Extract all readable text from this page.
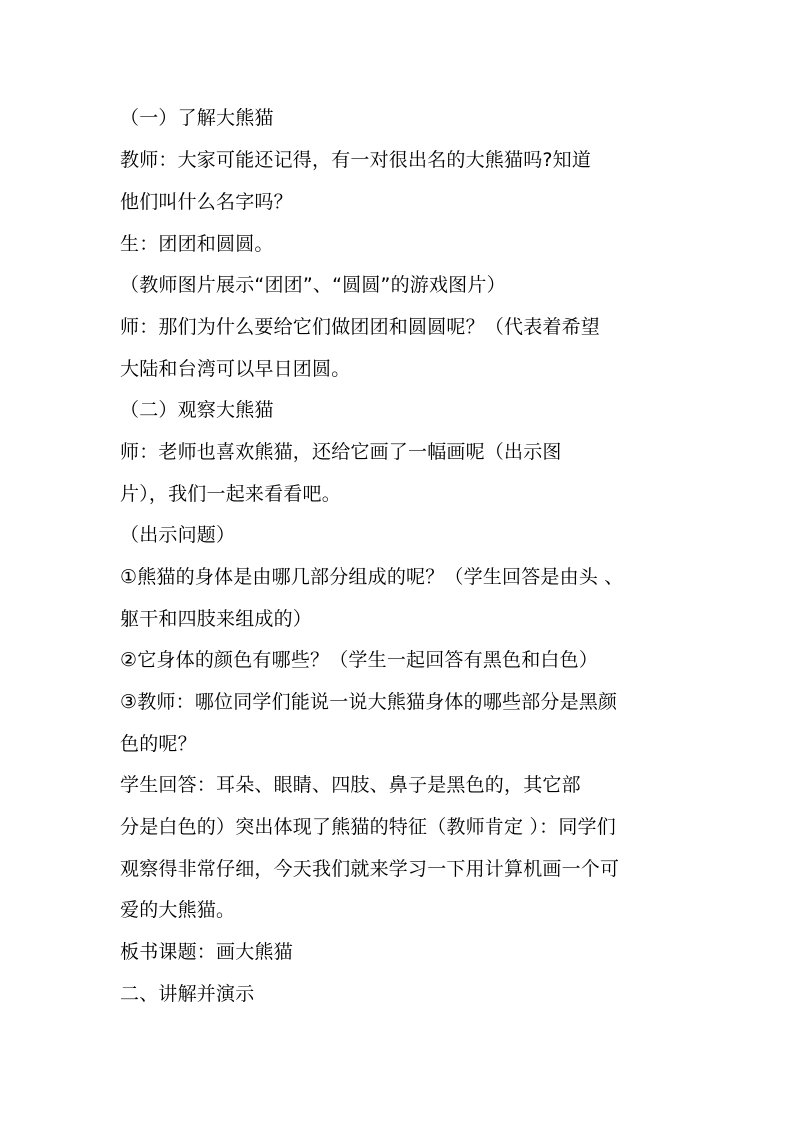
（一）了解大熊猫
教师：大家可能还记得，有一对很出名的大熊猫吗?知道
他们叫什么名字吗？
生：团团和圆圆。
（教师图片展示“团团”、“圆圆”的游戏图片）
师：那们为什么要给它们做团团和圆圆呢？（代表着希望
大陆和台湾可以早日团圆。
（二）观察大熊猫
师：老师也喜欢熊猫，还给它画了一幅画呢（出示图
片），我们一起来看看吧。
（出示问题）
①熊猫的身体是由哪几部分组成的呢？（学生回答是由头 、
躯干和四肢来组成的）
②它身体的颜色有哪些？（学生一起回答有黑色和白色）
③教师：哪位同学们能说一说大熊猫身体的哪些部分是黑颜
色的呢？
学生回答：耳朵、眼睛、四肢、鼻子是黑色的，其它部
分是白色的）突出体现了熊猫的特征（教师肯定 ）：同学们
观察得非常仔细，今天我们就来学习一下用计算机画一个可
爱的大熊猫。
板书课题：画大熊猫
二、讲解并演示
